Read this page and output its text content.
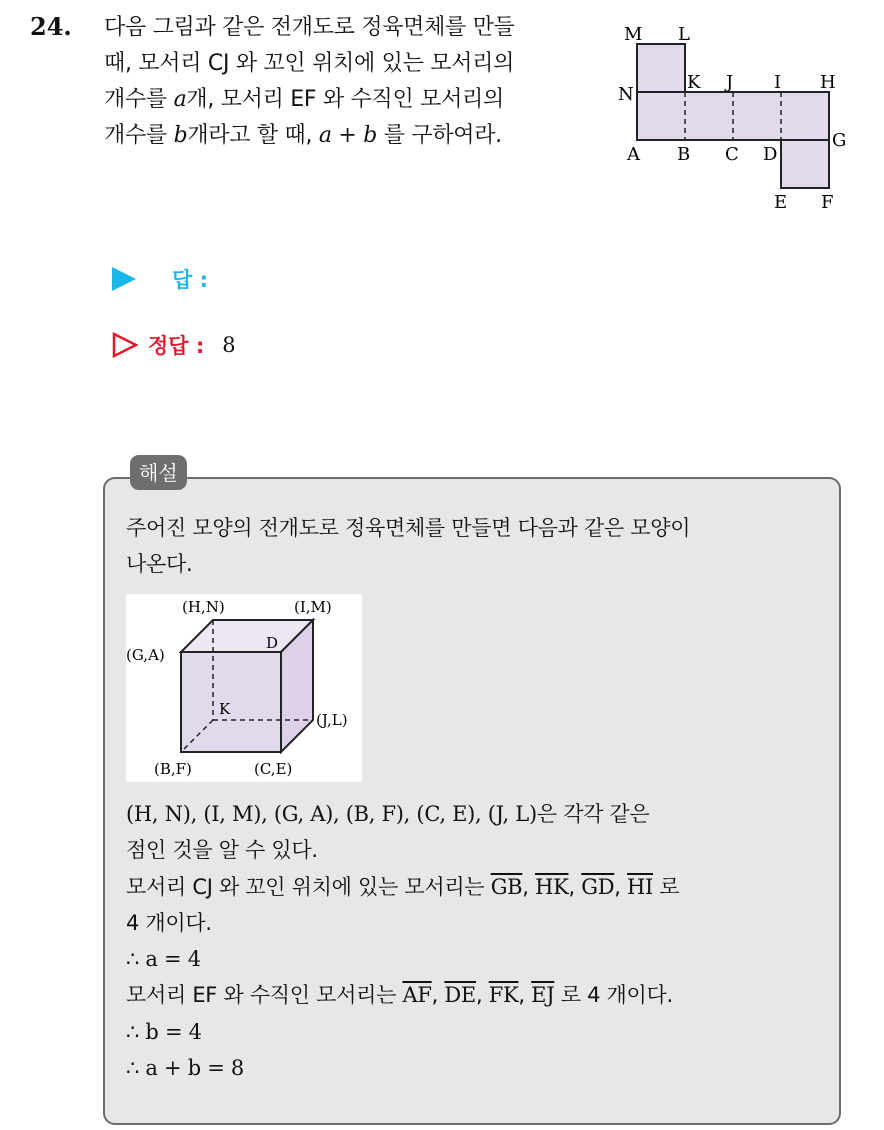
24. 다음 그림과 같은 전개도로 정육면체를 만들
때, 모서리 CJ 와 꼬인 위치에 있는 모서리의
개수를 a개, 모서리 EF 와 수직인 모서리의
개수를 b개라고 할 때, a + b 를 구하여라.
M L
N
K J I H
A B C D
G
E F
답 :
정답 : 8
해설
주어진 모양의 전개도로 정육면체를 만들면 다음과 같은 모양이
나온다.
(H,N)	(I,M)
(G,A)
D
K
(J,L)
(B,F)	(C,E)
(H, N), (I, M), (G, A), (B, F), (C, E), (J, L)은 각각 같은
점인 것을 알 수 있다.
모서리 CJ 와 꼬인 위치에 있는 모서리는 $\overline{GB}$, $\overline{HK}$, $\overline{GD}$, $\overline{HI}$ 로
4 개이다.
∴ a = 4
모서리 EF 와 수직인 모서리는 $\overline{AF}$, $\overline{DE}$, $\overline{FK}$, $\overline{EJ}$ 로 4 개이다.
∴ b = 4
∴ a + b = 8
